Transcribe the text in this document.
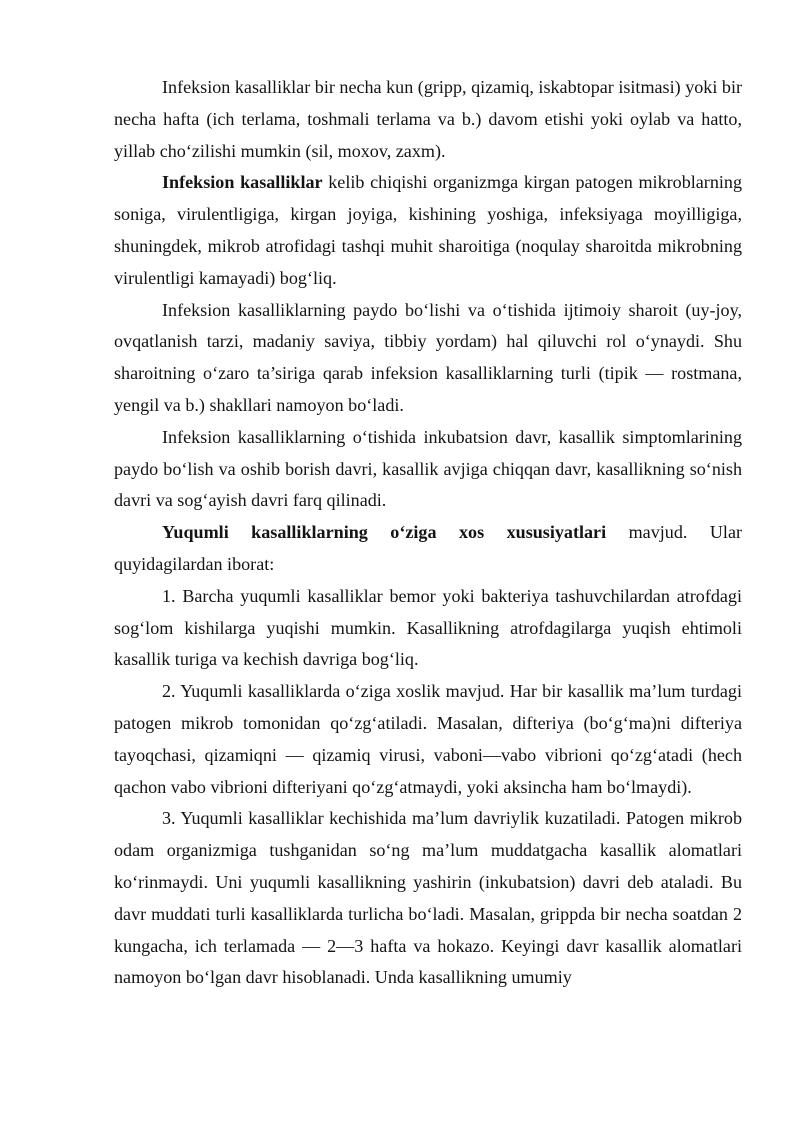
Infeksion kasalliklar bir necha kun (gripp, qizamiq, iskabtopar isitmasi) yoki bir necha hafta (ich terlama, toshmali terlama va b.) davom etishi yoki oylab va hatto, yillab cho‘zilishi mumkin (sil, moxov, zaxm).

Infeksion kasalliklar kelib chiqishi organizmga kirgan patogen mikroblarning soniga, virulentligiga, kirgan joyiga, kishining yoshiga, infeksiyaga moyilligiga, shuningdek, mikrob atrofidagi tashqi muhit sharoitiga (noqulay sharoitda mikrobning virulentligi kamayadi) bog‘liq.

Infeksion kasalliklarning paydo bo‘lishi va o‘tishida ijtimoiy sharoit (uy-joy, ovqatlanish tarzi, madaniy saviya, tibbiy yordam) hal qiluvchi rol o‘ynaydi. Shu sharoitning o‘zaro ta’siriga qarab infeksion kasalliklarning turli (tipik — rostmana, yengil va b.) shakllari namoyon bo‘ladi.

Infeksion kasalliklarning o‘tishida inkubatsion davr, kasallik simptomlarining paydo bo‘lish va oshib borish davri, kasallik avjiga chiqqan davr, kasallikning so‘nish davri va sog‘ayish davri farq qilinadi.

Yuqumli kasalliklarning o‘ziga xos xususiyatlari mavjud. Ular quyidagilardan iborat:

1. Barcha yuqumli kasalliklar bemor yoki bakteriya tashuvchilardan atrofdagi sog‘lom kishilarga yuqishi mumkin. Kasallikning atrofdagilarga yuqish ehtimoli kasallik turiga va kechish davriga bog‘liq.

2. Yuqumli kasalliklarda o‘ziga xoslik mavjud. Har bir kasallik ma’lum turdagi patogen mikrob tomonidan qo‘zg‘atiladi. Masalan, difteriya (bo‘g‘ma)ni difteriya tayoqchasi, qizamiqni — qizamiq virusi, vaboni—vabo vibrioni qo‘zg‘atadi (hech qachon vabo vibrioni difteriyani qo‘zg‘atmaydi, yoki aksincha ham bo‘lmaydi).

3. Yuqumli kasalliklar kechishida ma’lum davriylik kuzatiladi. Patogen mikrob odam organizmiga tushganidan so‘ng ma’lum muddatgacha kasallik alomatlari ko‘rinmaydi. Uni yuqumli kasallikning yashirin (inkubatsion) davri deb ataladi. Bu davr muddati turli kasalliklarda turlicha bo‘ladi. Masalan, grippda bir necha soatdan 2 kungacha, ich terlamada — 2—3 hafta va hokazo. Keyingi davr kasallik alomatlari namoyon bo‘lgan davr hisoblanadi. Unda kasallikning umumiy
